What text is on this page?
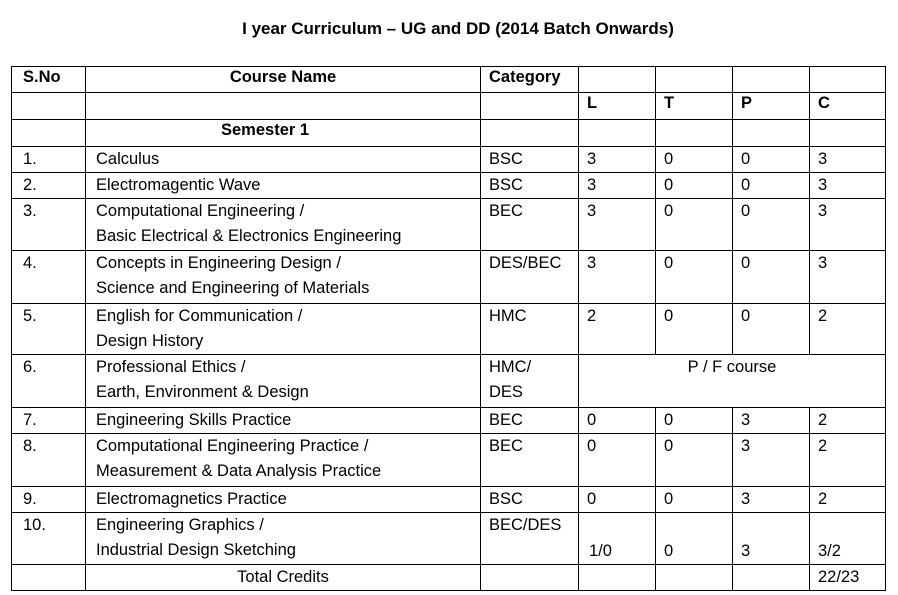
I year Curriculum – UG and DD (2014 Batch Onwards)
S.No	Course Name	Category				
			L	T	P	C
	Semester 1					

1.	Calculus	BSC	3	0	0	3

2.	Electromagentic Wave	BSC	3	0	0	3

3.	Computational Engineering /
Basic Electrical & Electronics Engineering	BEC	3	0	0	3

4.	Concepts in Engineering Design /
Science and Engineering of Materials	DES/BEC	3	0	0	3

5.	English for Communication /
Design History	HMC	2	0	0	2

6.	Professional Ethics /
Earth, Environment & Design	HMC/
DES	P / F course			

7.	Engineering Skills Practice	BEC	0	0	3	2

8.	Computational Engineering Practice /
Measurement & Data Analysis Practice	BEC	0	0	3	2

9.	Electromagnetics Practice	BSC	0	0	3	2

10.	Engineering Graphics /
Industrial Design Sketching	BEC/DES	1/0	0	3	3/2

	Total Credits					22/23
